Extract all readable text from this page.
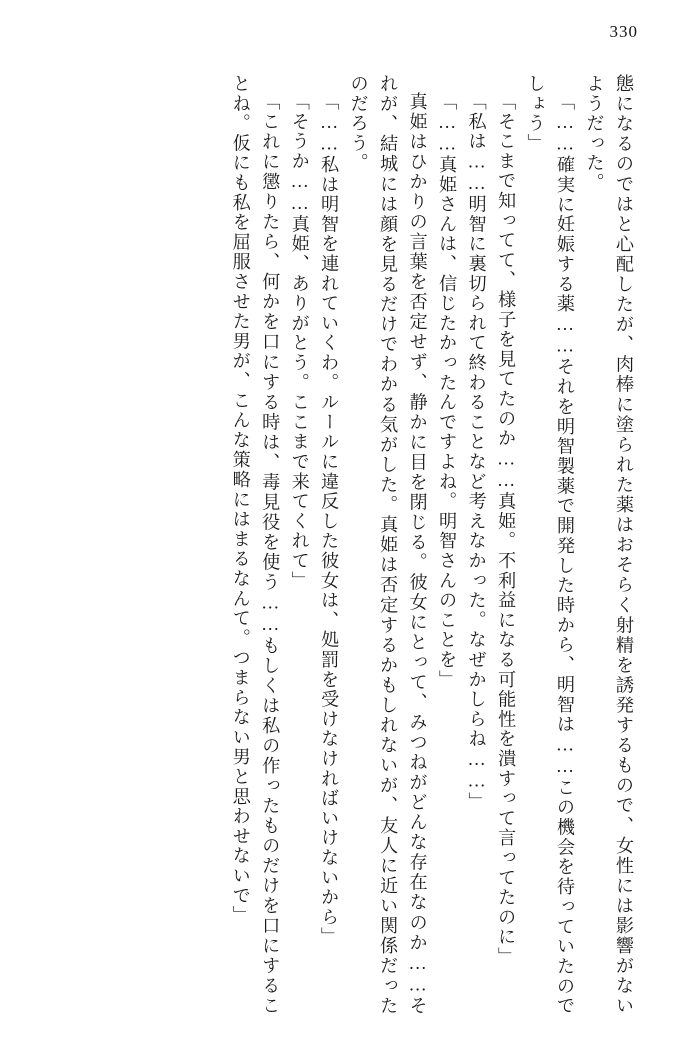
330

態になるのではと心配したが、肉棒に塗られた薬はおそらく射精を誘発するもので、女性には影響がないようだった。

「……確実に妊娠する薬……それを明智製薬で開発した時から、明智は……この機会を待っていたのでしょう」

「そこまで知ってて、様子を見てたのか……真姫。不利益になる可能性を潰すって言ってたのに」

「私は……明智に裏切られて終わることなど考えなかった。なぜかしらね……」

「……真姫さんは、信じたかったんですよね。明智さんのことを」

真姫はひかりの言葉を否定せず、静かに目を閉じる。彼女にとって、みつねがどんな存在なのか……それが、結城には顔を見るだけでわかる気がした。真姫は否定するかもしれないが、友人に近い関係だったのだろう。

「……私は明智を連れていくわ。ルールに違反した彼女は、処罰を受けなければいけないから」

「そうか……真姫、ありがとう。ここまで来てくれて」

「これに懲りたら、何かを口にする時は、毒見役を使う……もしくは私の作ったものだけを口にすることね。仮にも私を屈服させた男が、こんな策略にはまるなんて。つまらない男と思わせないで」
